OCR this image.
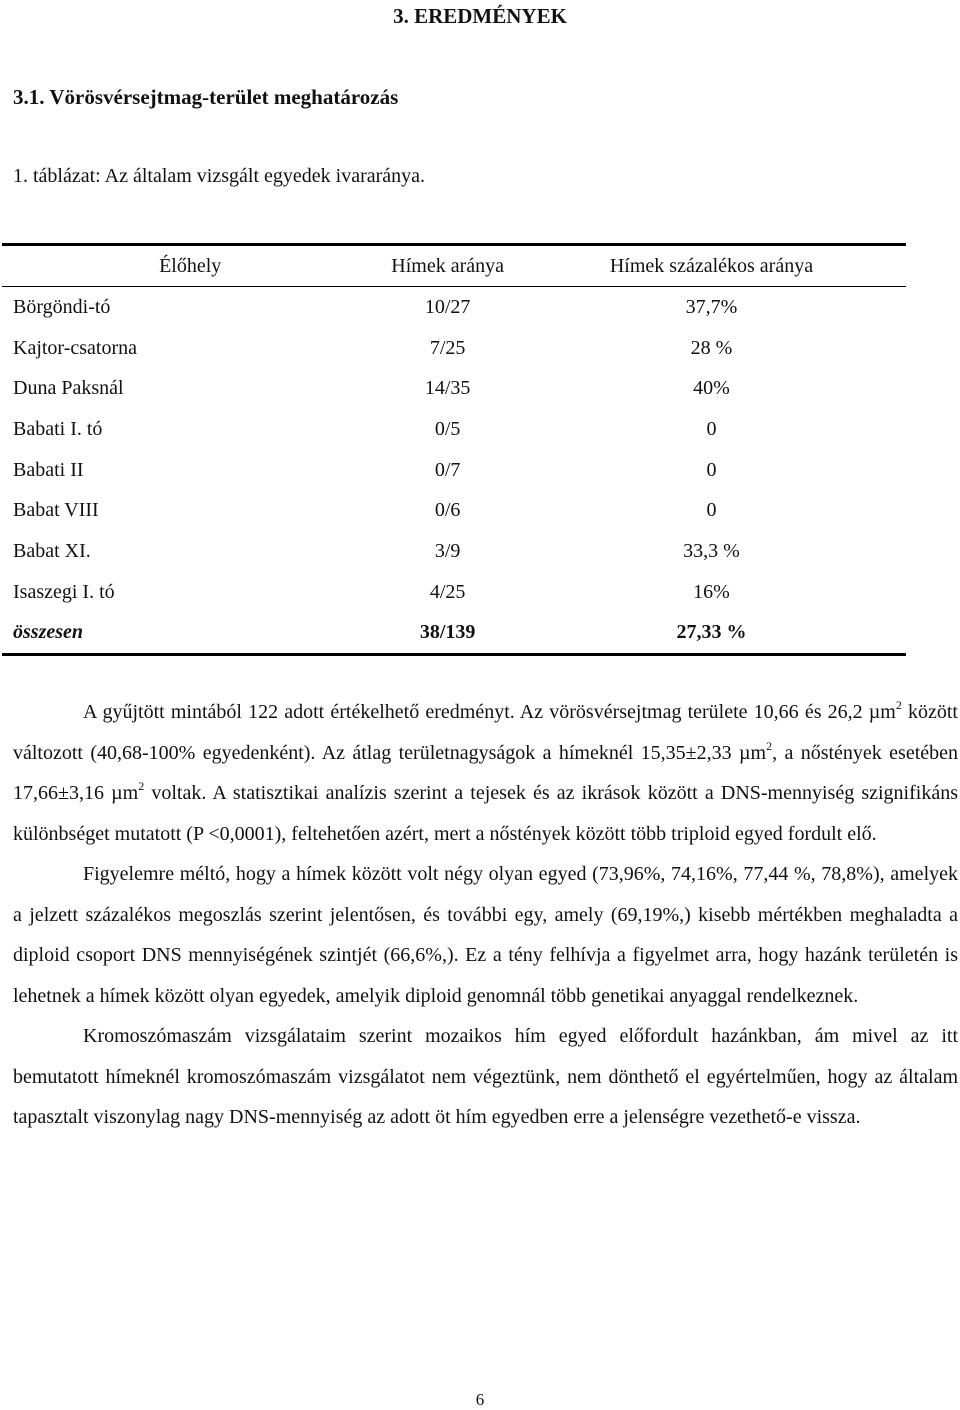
3. EREDMÉNYEK
3.1. Vörösvérsejtmag-terület meghatározás
1. táblázat: Az általam vizsgált egyedek ivararánya.
Élőhely	Hímek aránya	Hímek százalékos aránya
Börgöndi-tó	10/27	37,7%
Kajtor-csatorna	7/25	28 %
Duna Paksnál	14/35	40%
Babati I. tó	0/5	0
Babati II	0/7	0
Babat VIII	0/6	0
Babat XI.	3/9	33,3 %
Isaszegi I. tó	4/25	16%
összesen	38/139	27,33 %

A gyűjtött mintából 122 adott értékelhető eredményt. Az vörösvérsejtmag területe 10,66 és 26,2 µm$^2$ között változott (40,68-100% egyedenként). Az átlag területnagyságok a hímeknél 15,35±2,33 µm$^2$, a nőstények esetében 17,66±3,16 µm$^2$ voltak. A statisztikai analízis szerint a tejesek és az ikrások között a DNS-mennyiség szignifikáns különbséget mutatott (P <0,0001), feltehetően azért, mert a nőstények között több triploid egyed fordult elő.

Figyelemre méltó, hogy a hímek között volt négy olyan egyed (73,96%, 74,16%, 77,44 %, 78,8%), amelyek a jelzett százalékos megoszlás szerint jelentősen, és további egy, amely (69,19%,) kisebb mértékben meghaladta a diploid csoport DNS mennyiségének szintjét (66,6%,). Ez a tény felhívja a figyelmet arra, hogy hazánk területén is lehetnek a hímek között olyan egyedek, amelyik diploid genomnál több genetikai anyaggal rendelkeznek.

Kromoszómaszám vizsgálataim szerint mozaikos hím egyed előfordult hazánkban, ám mivel az itt bemutatott hímeknél kromoszómaszám vizsgálatot nem végeztünk, nem dönthető el egyértelműen, hogy az általam tapasztalt viszonylag nagy DNS-mennyiség az adott öt hím egyedben erre a jelenségre vezethető-e vissza.

6
